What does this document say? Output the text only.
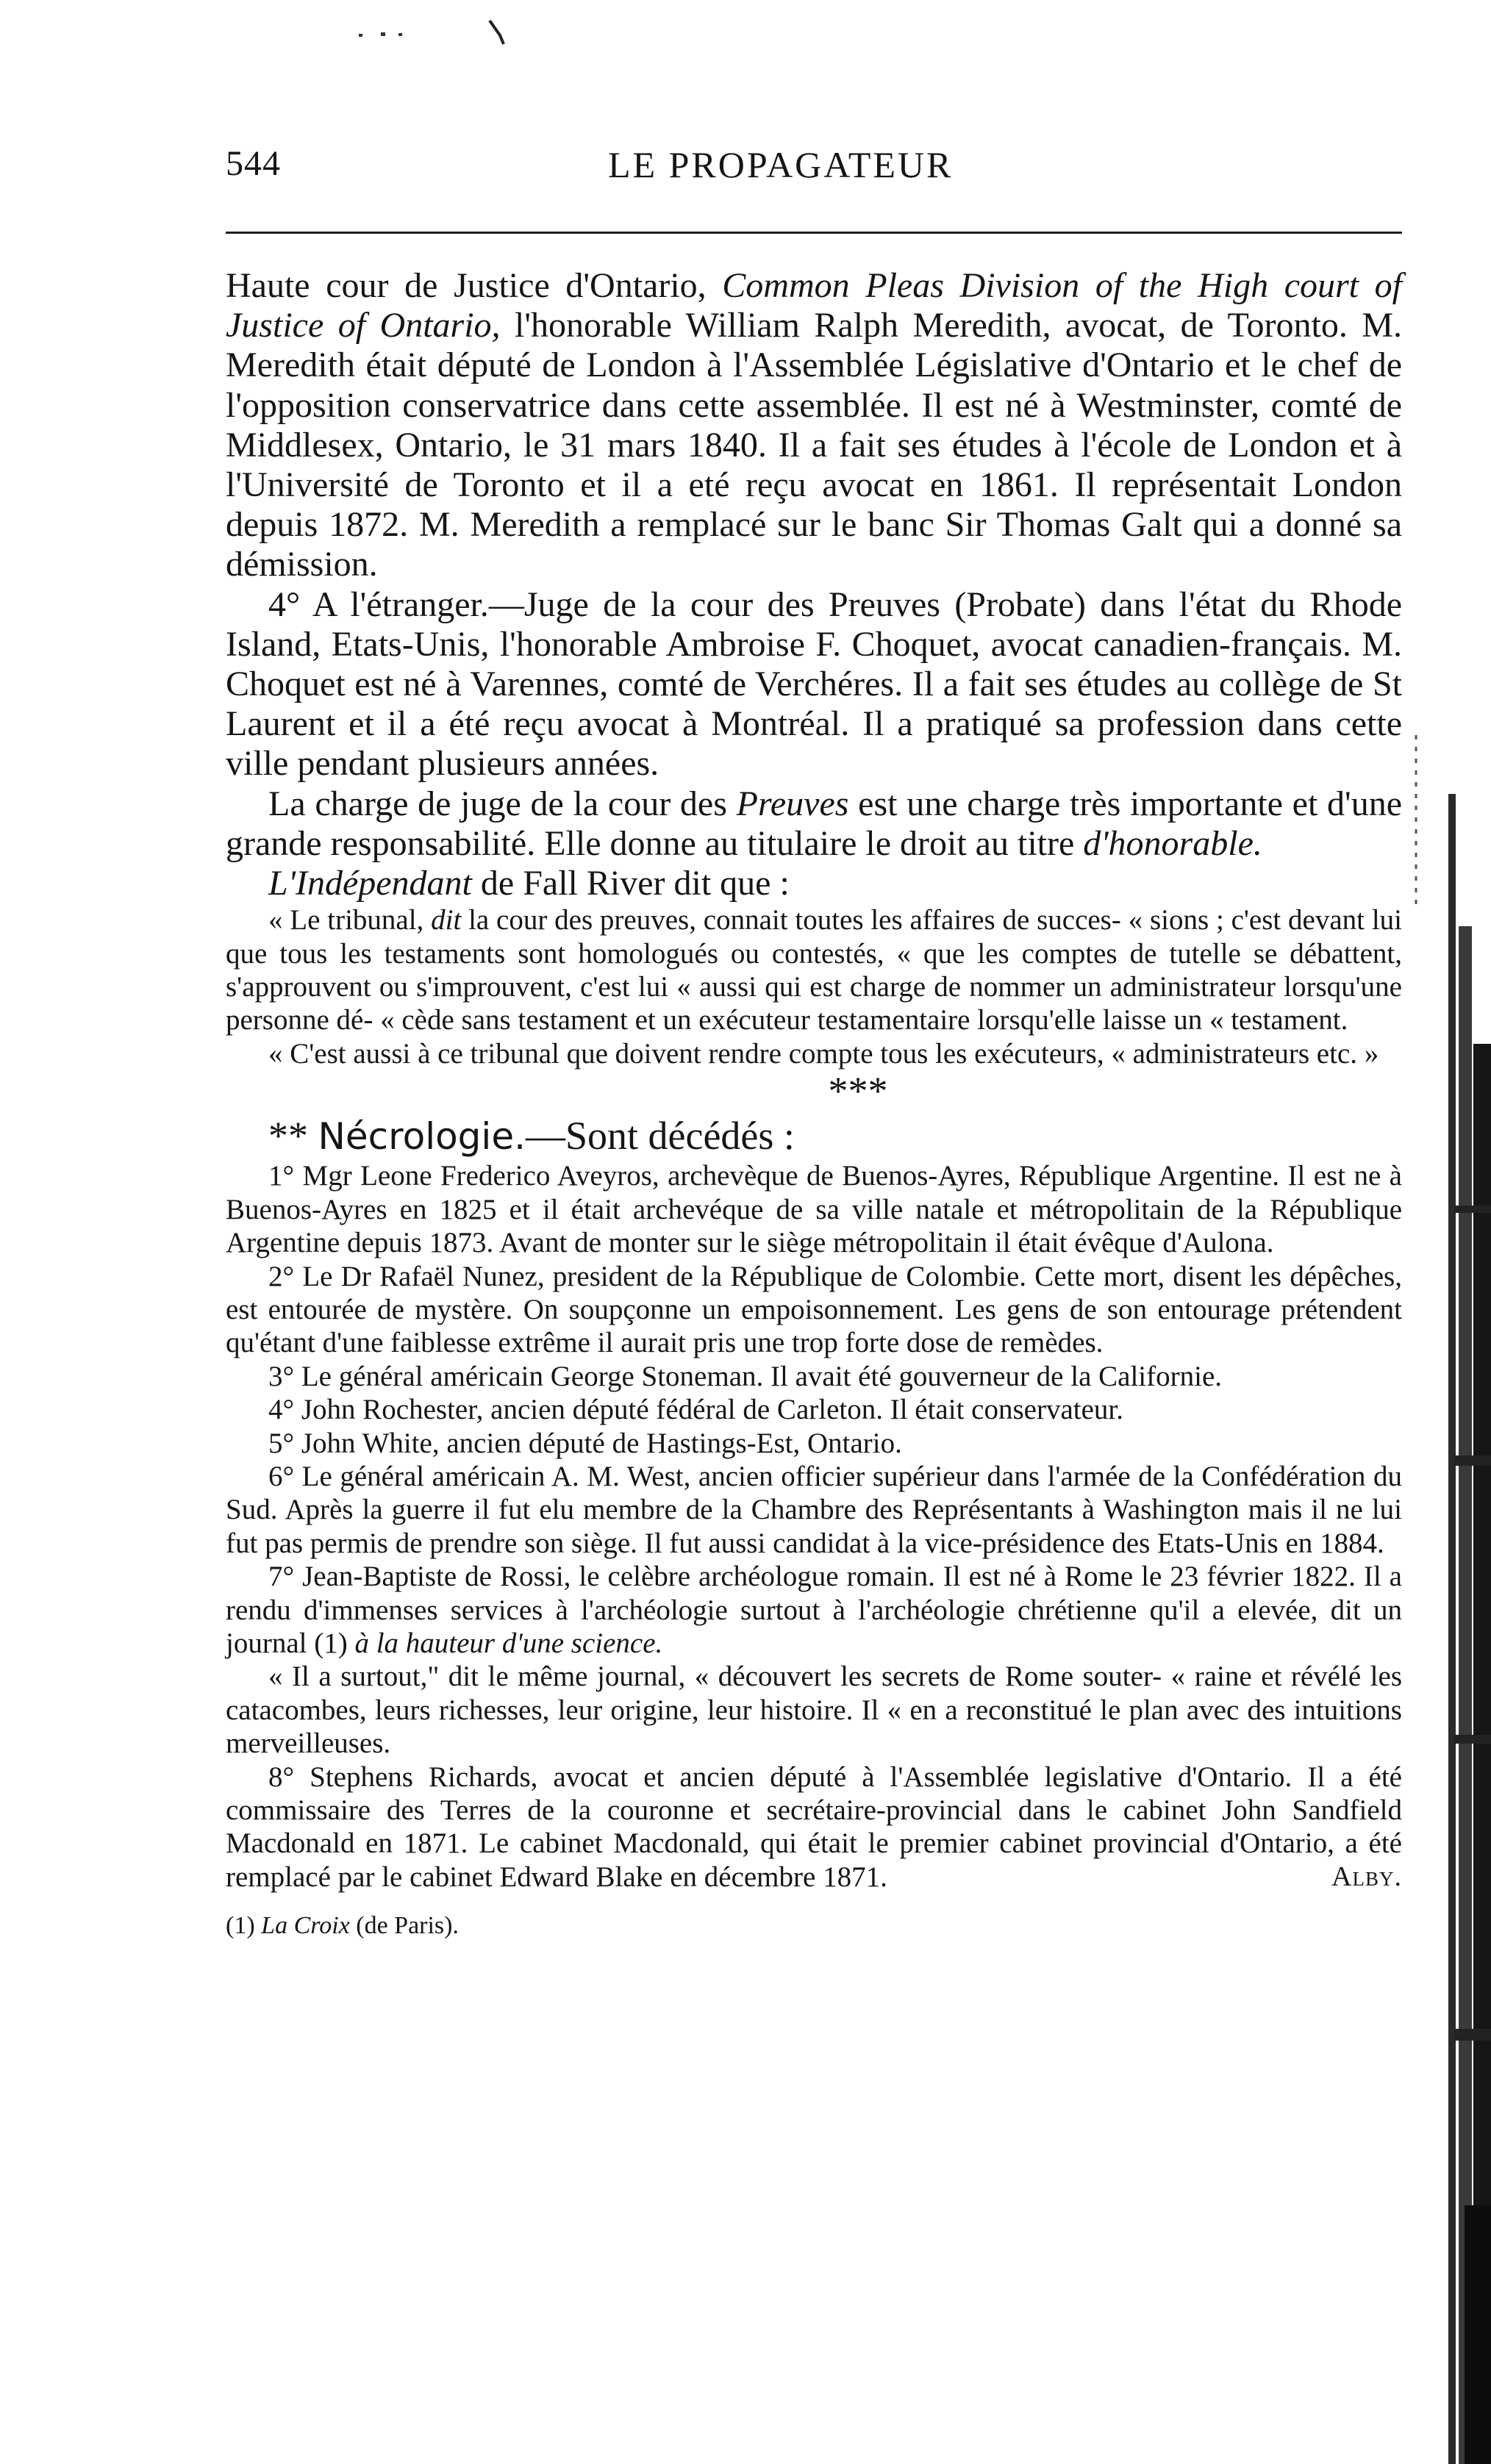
544	LE PROPAGATEUR

Haute cour de Justice d'Ontario, Common Pleas Division of the High court of Justice of Ontario, l'honorable William Ralph Meredith, avocat, de Toronto. M. Meredith était député de London à l'Assemblée Législative d'Ontario et le chef de l'opposition conservatrice dans cette assemblée. Il est né à Westminster, comté de Middlesex, Ontario, le 31 mars 1840. Il a fait ses études à l'école de London et à l'Université de Toronto et il a eté reçu avocat en 1861. Il représentait London depuis 1872. M. Meredith a remplacé sur le banc Sir Thomas Galt qui a donné sa démission.

4° A l'étranger.—Juge de la cour des Preuves (Probate) dans l'état du Rhode Island, Etats-Unis, l'honorable Ambroise F. Choquet, avocat canadien-français. M. Choquet est né à Varennes, comté de Verchéres. Il a fait ses études au collège de St Laurent et il a été reçu avocat à Montréal. Il a pratiqué sa profession dans cette ville pendant plusieurs années.

La charge de juge de la cour des Preuves est une charge très importante et d'une grande responsabilité. Elle donne au titulaire le droit au titre d'honorable.

L'Indépendant de Fall River dit que :

« Le tribunal, dit la cour des preuves, connait toutes les affaires de succes- « sions ; c'est devant lui que tous les testaments sont homologués ou contestés, « que les comptes de tutelle se débattent, s'approuvent ou s'improuvent, c'est lui « aussi qui est charge de nommer un administrateur lorsqu'une personne dé- « cède sans testament et un exécuteur testamentaire lorsqu'elle laisse un « testament.

« C'est aussi à ce tribunal que doivent rendre compte tous les exécuteurs, « administrateurs etc. »

***

** Nécrologie.—Sont décédés :

1° Mgr Leone Frederico Aveyros, archevèque de Buenos-Ayres, République Argentine. Il est ne à Buenos-Ayres en 1825 et il était archevéque de sa ville natale et métropolitain de la République Argentine depuis 1873. Avant de monter sur le siège métropolitain il était évêque d'Aulona.

2° Le Dr Rafaël Nunez, president de la République de Colombie. Cette mort, disent les dépêches, est entourée de mystère. On soupçonne un empoisonnement. Les gens de son entourage prétendent qu'étant d'une faiblesse extrême il aurait pris une trop forte dose de remèdes.

3° Le général américain George Stoneman. Il avait été gouverneur de la Californie.

4° John Rochester, ancien député fédéral de Carleton. Il était conservateur.

5° John White, ancien député de Hastings-Est, Ontario.

6° Le général américain A. M. West, ancien officier supérieur dans l'armée de la Confédération du Sud. Après la guerre il fut elu membre de la Chambre des Représentants à Washington mais il ne lui fut pas permis de prendre son siège. Il fut aussi candidat à la vice-présidence des Etats-Unis en 1884.

7° Jean-Baptiste de Rossi, le celèbre archéologue romain. Il est né à Rome le 23 février 1822. Il a rendu d'immenses services à l'archéologie surtout à l'archéologie chrétienne qu'il a elevée, dit un journal (1) à la hauteur d'une science.

« Il a surtout," dit le même journal, « découvert les secrets de Rome souter- « raine et révélé les catacombes, leurs richesses, leur origine, leur histoire. Il « en a reconstitué le plan avec des intuitions merveilleuses.

8° Stephens Richards, avocat et ancien député à l'Assemblée legislative d'Ontario. Il a été commissaire des Terres de la couronne et secrétaire-provincial dans le cabinet John Sandfield Macdonald en 1871. Le cabinet Macdonald, qui était le premier cabinet provincial d'Ontario, a été remplacé par le cabinet Edward Blake en décembre 1871.	Alby.

(1) La Croix (de Paris).
